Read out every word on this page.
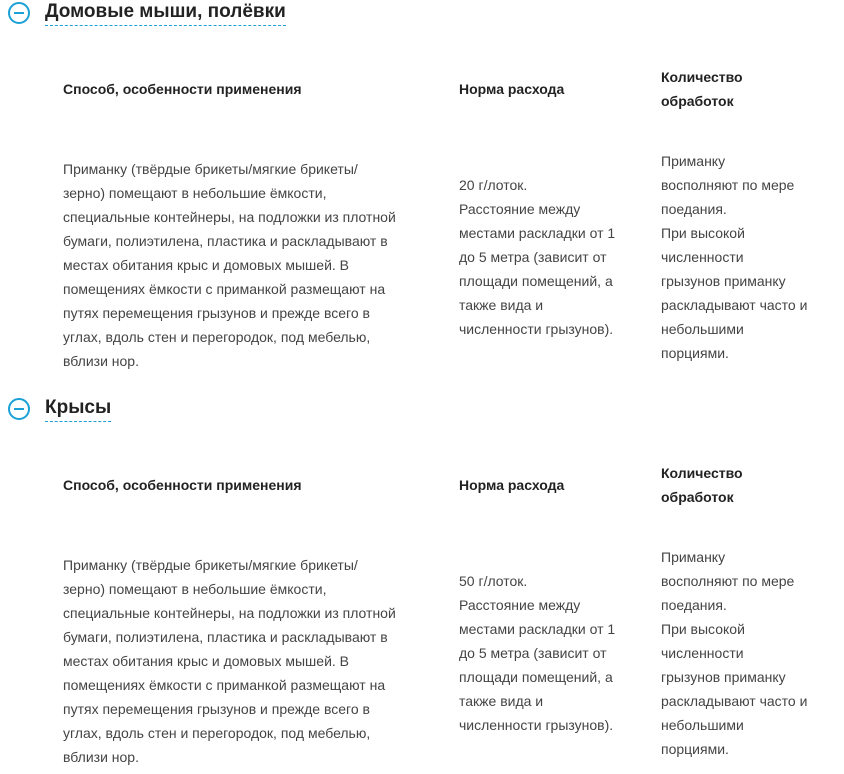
Домовые мыши, полёвки
Способ, особенности применения	Норма расхода
Количество
обработок
Приманку (твёрдые брикеты/мягкие брикеты/
зерно) помещают в небольшие ёмкости,
специальные контейнеры, на подложки из плотной
бумаги, полиэтилена, пластика и раскладывают в
местах обитания крыс и домовых мышей. В
помещениях ёмкости с приманкой размещают на
путях перемещения грызунов и прежде всего в
углах, вдоль стен и перегородок, под мебелью,
вблизи нор.
20 г/лоток.
Расстояние между
местами раскладки от 1
до 5 метра (зависит от
площади помещений, а
также вида и
численности грызунов).
Приманку
восполняют по мере
поедания.
При высокой
численности
грызунов приманку
раскладывают часто и
небольшими
порциями.
Крысы
Способ, особенности применения	Норма расхода
Количество
обработок
Приманку (твёрдые брикеты/мягкие брикеты/
зерно) помещают в небольшие ёмкости,
специальные контейнеры, на подложки из плотной
бумаги, полиэтилена, пластика и раскладывают в
местах обитания крыс и домовых мышей. В
помещениях ёмкости с приманкой размещают на
путях перемещения грызунов и прежде всего в
углах, вдоль стен и перегородок, под мебелью,
вблизи нор.
50 г/лоток.
Расстояние между
местами раскладки от 1
до 5 метра (зависит от
площади помещений, а
также вида и
численности грызунов).
Приманку
восполняют по мере
поедания.
При высокой
численности
грызунов приманку
раскладывают часто и
небольшими
порциями.
